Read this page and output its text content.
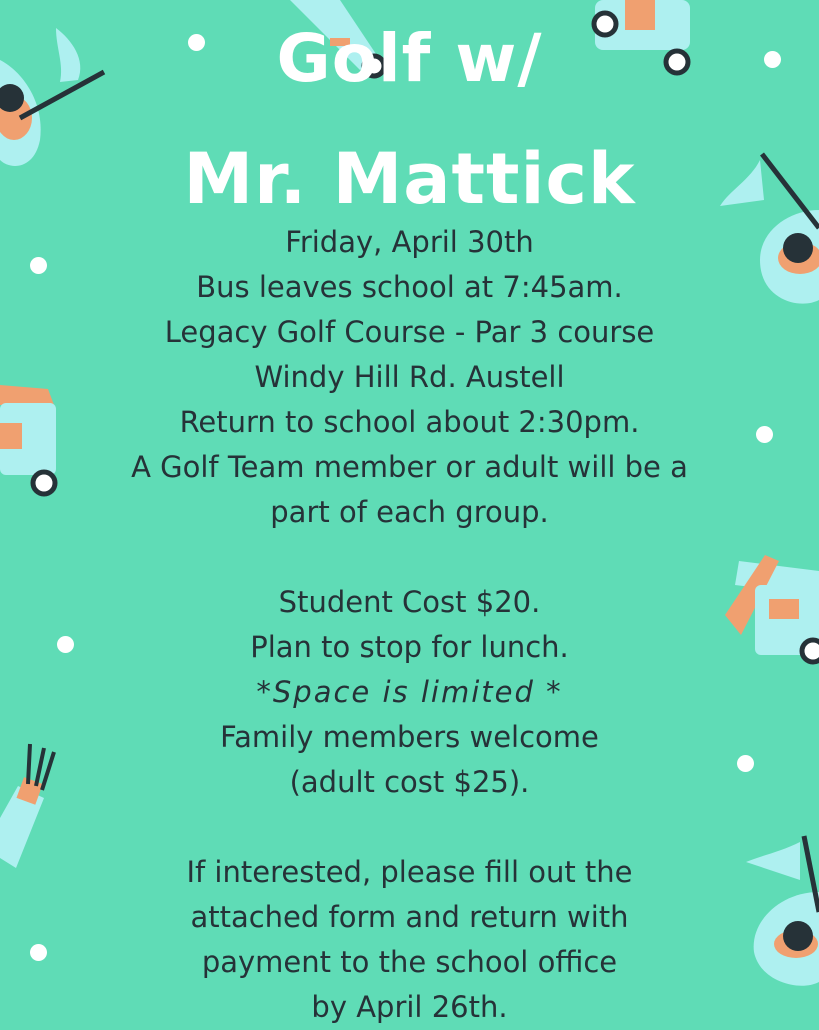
Golf w/
Mr. Mattick
Friday, April 30th
Bus leaves school at 7:45am.
Legacy Golf Course - Par 3 course
Windy Hill Rd. Austell
Return to school about 2:30pm.
A Golf Team member or adult will be a
part of each group.
Student Cost $20.
Plan to stop for lunch.
*Space is limited *
Family members welcome
(adult cost $25).
If interested, please fill out the
attached form and return with
payment to the school office
by April 26th.
